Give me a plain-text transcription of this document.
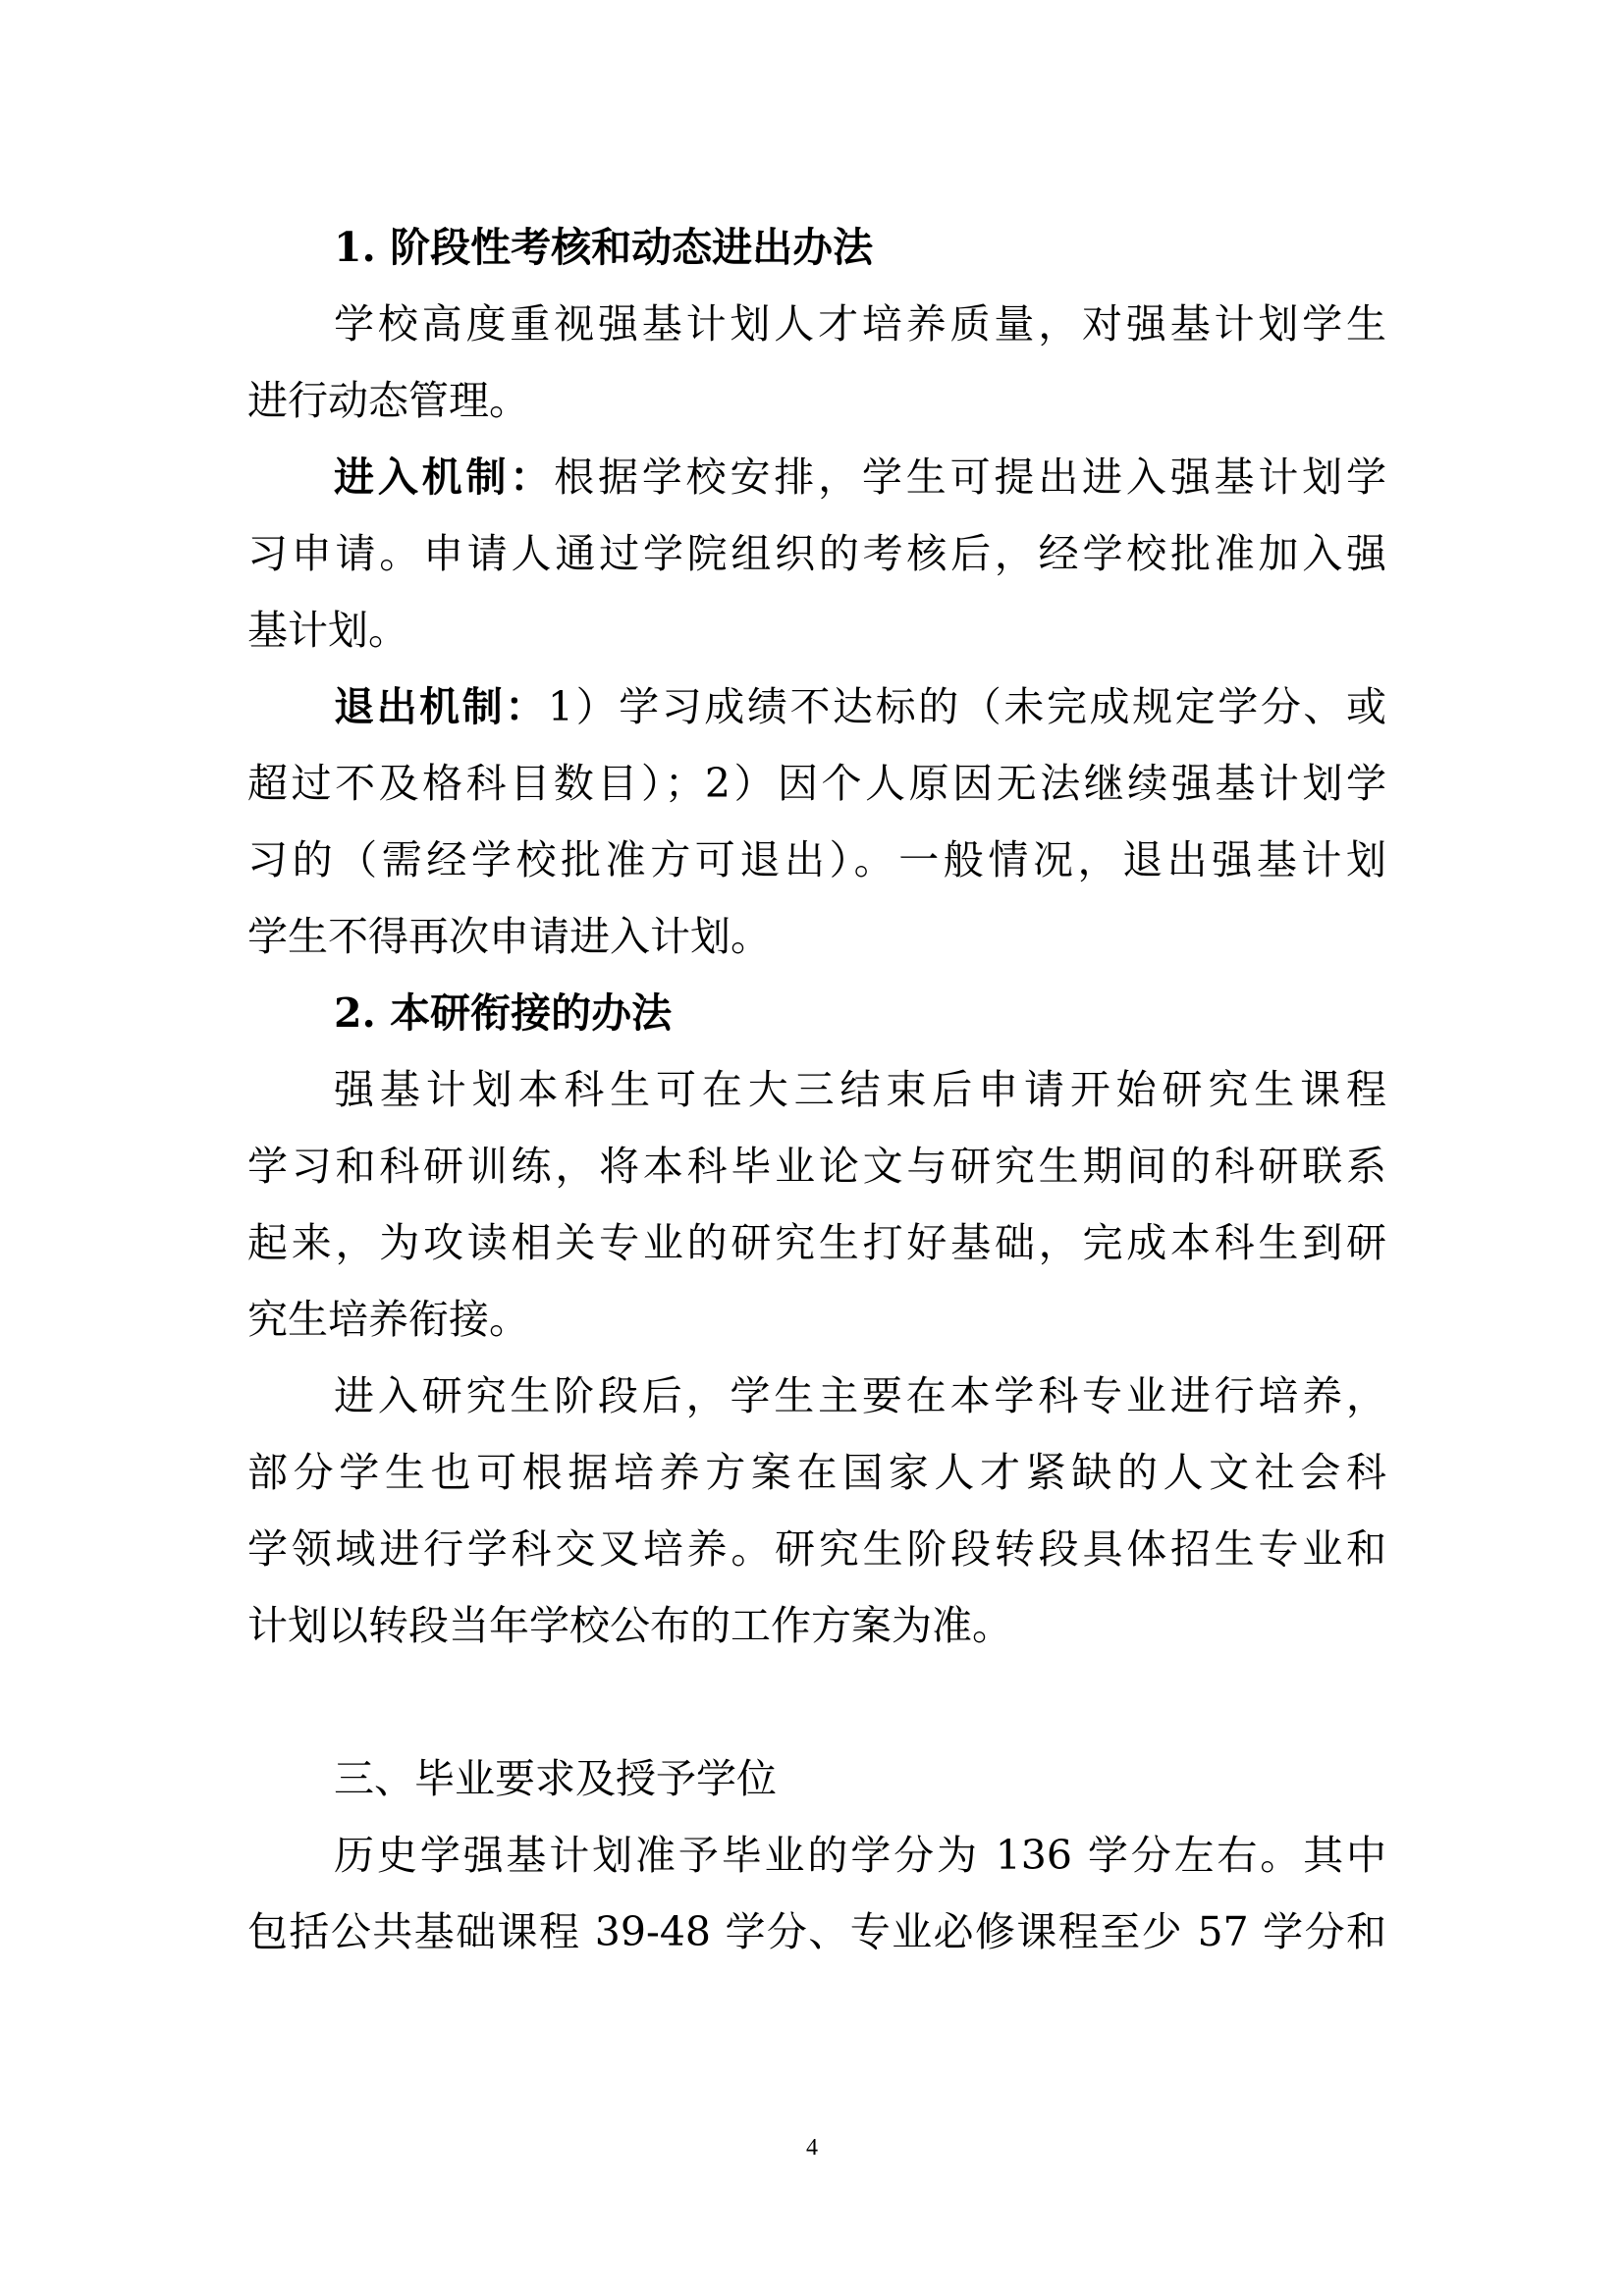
1. 阶段性考核和动态进出办法
学校高度重视强基计划人才培养质量，对强基计划学生
进行动态管理。
进入机制：根据学校安排，学生可提出进入强基计划学
习申请。申请人通过学院组织的考核后，经学校批准加入强
基计划。
退出机制：1）学习成绩不达标的（未完成规定学分、或
超过不及格科目数目）；2）因个人原因无法继续强基计划学
习的（需经学校批准方可退出）。一般情况，退出强基计划
学生不得再次申请进入计划。
2. 本研衔接的办法
强基计划本科生可在大三结束后申请开始研究生课程
学习和科研训练，将本科毕业论文与研究生期间的科研联系
起来，为攻读相关专业的研究生打好基础，完成本科生到研
究生培养衔接。
进入研究生阶段后，学生主要在本学科专业进行培养，
部分学生也可根据培养方案在国家人才紧缺的人文社会科
学领域进行学科交叉培养。研究生阶段转段具体招生专业和
计划以转段当年学校公布的工作方案为准。
三、毕业要求及授予学位
历史学强基计划准予毕业的学分为 136 学分左右。其中
包括公共基础课程 39-48 学分、专业必修课程至少 57 学分和
4
